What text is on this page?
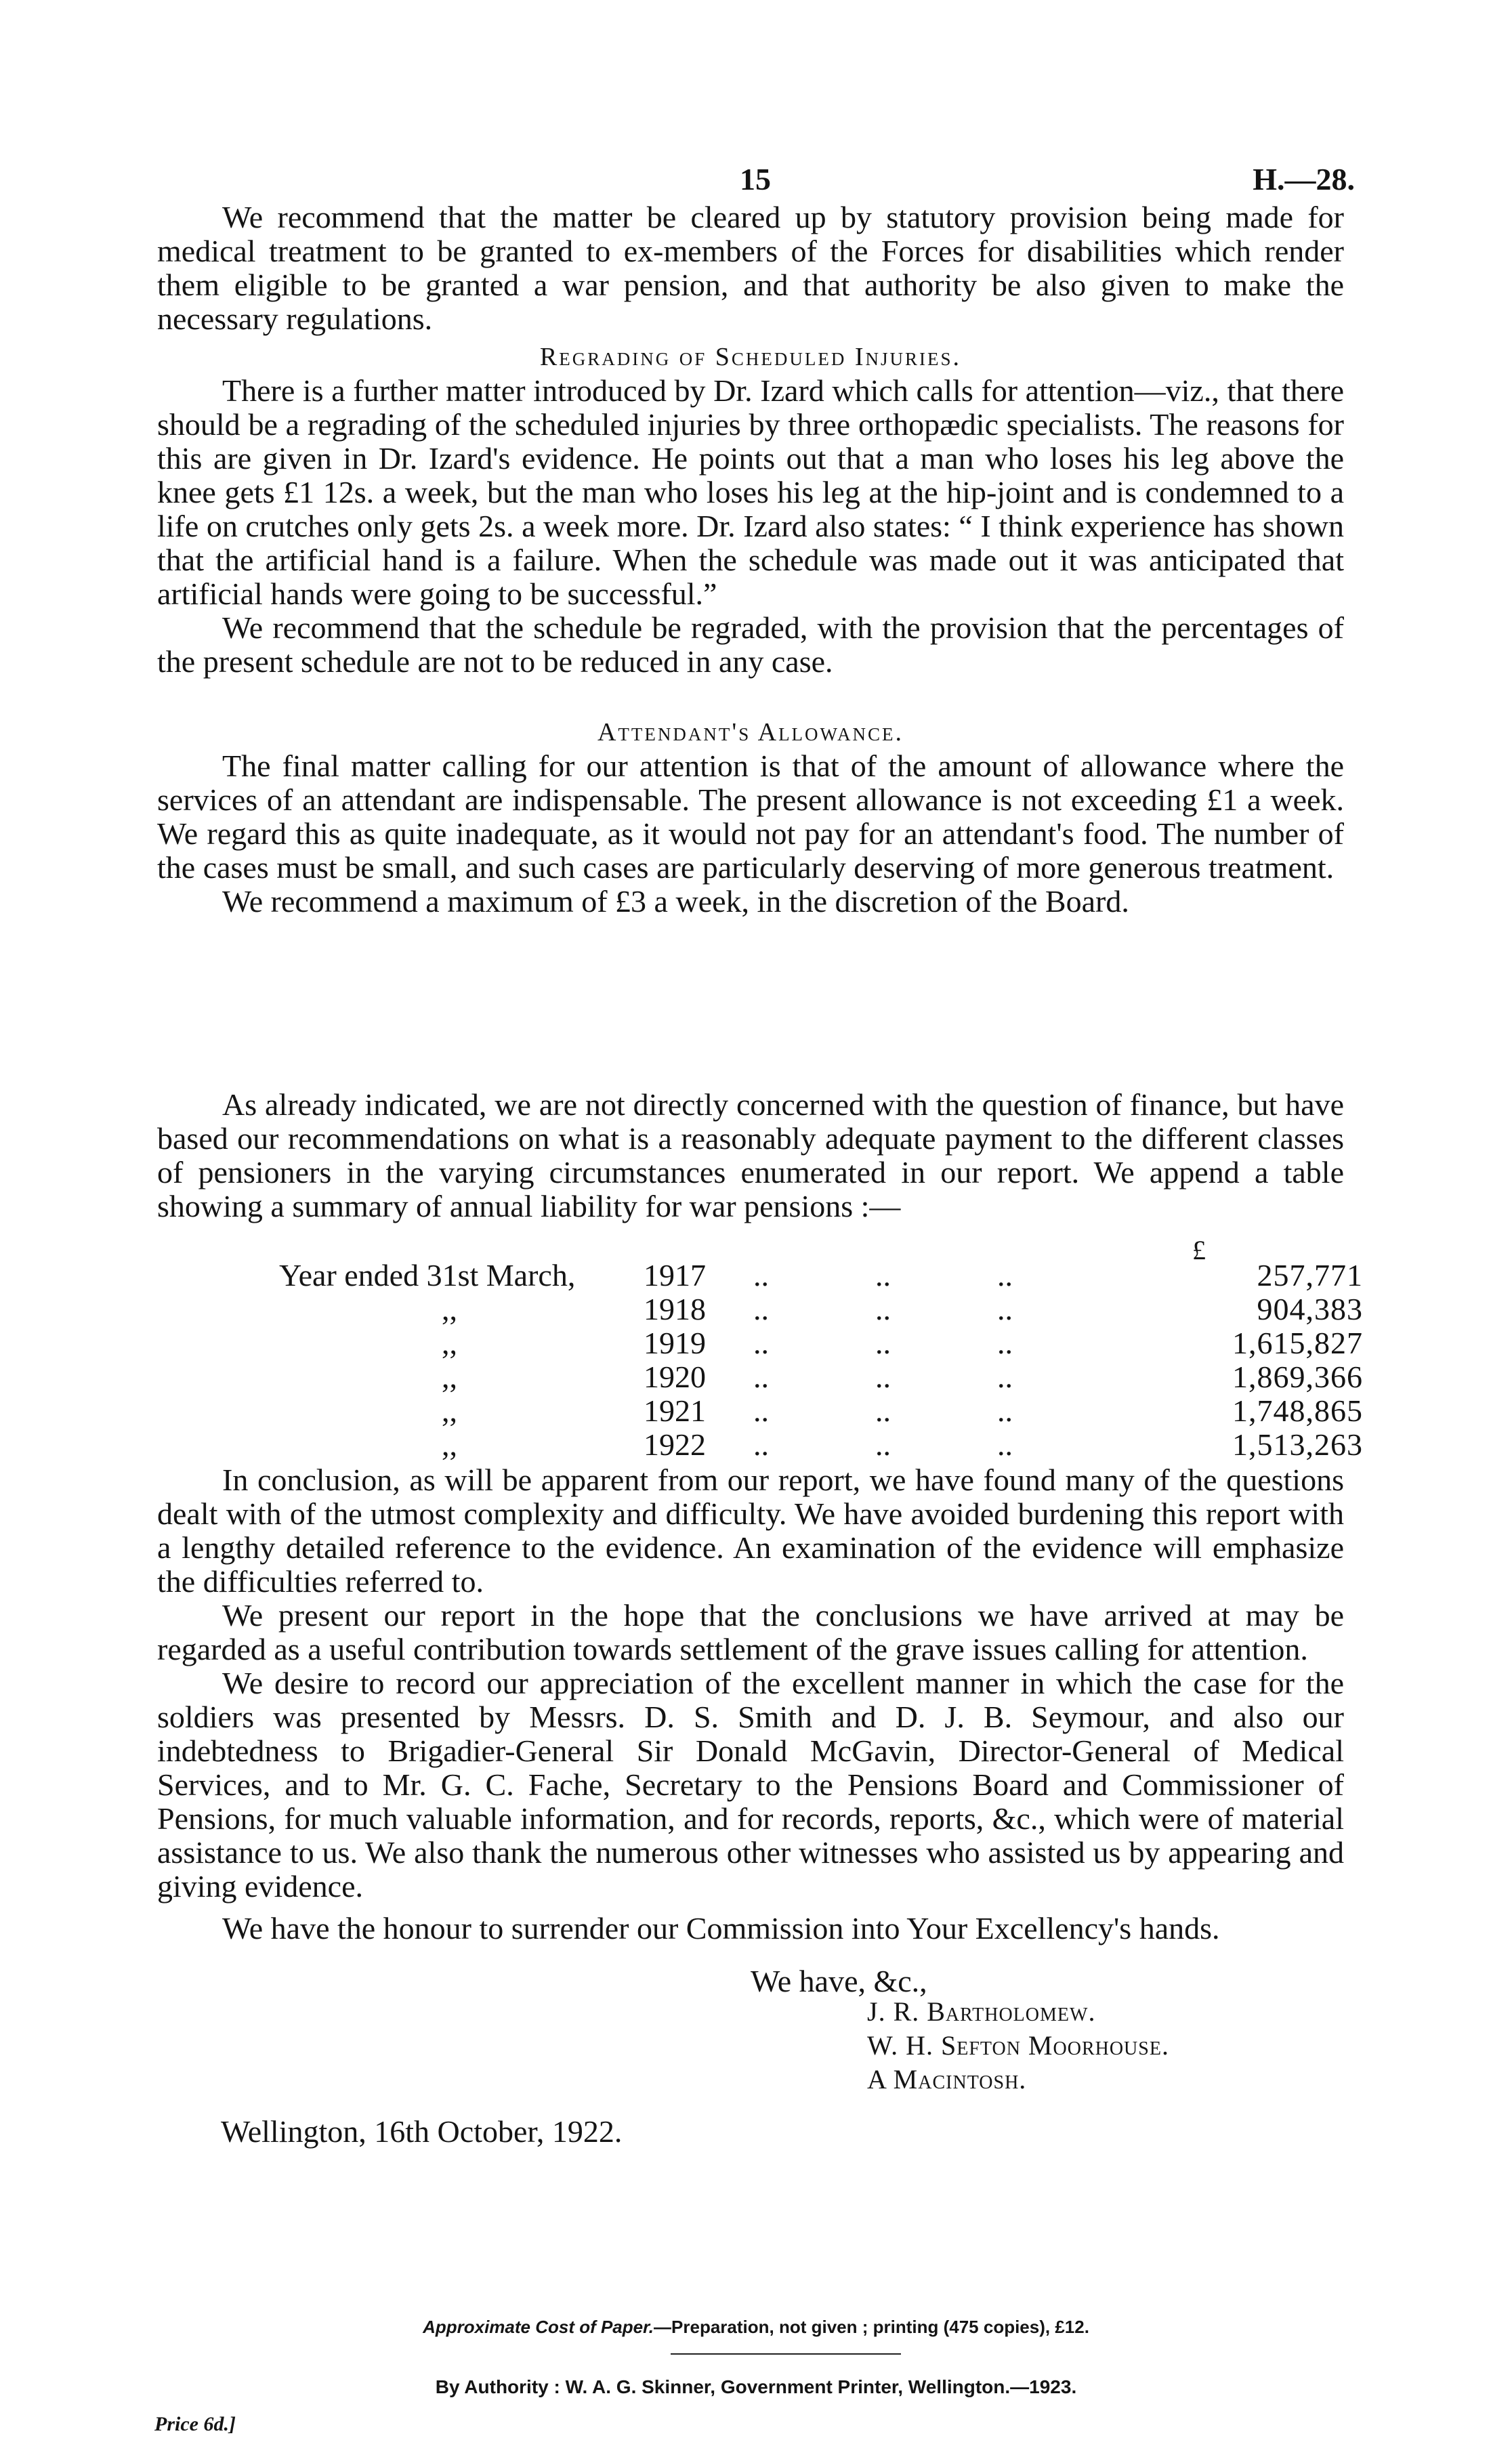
15	H.—28.

We recommend that the matter be cleared up by statutory provision being made for medical treatment to be granted to ex-members of the Forces for disabilities which render them eligible to be granted a war pension, and that authority be also given to make the necessary regulations.

Regrading of Scheduled Injuries.

There is a further matter introduced by Dr. Izard which calls for attention—viz., that there should be a regrading of the scheduled injuries by three orthopædic specialists. The reasons for this are given in Dr. Izard's evidence. He points out that a man who loses his leg above the knee gets £1 12s. a week, but the man who loses his leg at the hip-joint and is condemned to a life on crutches only gets 2s. a week more. Dr. Izard also states: “ I think experience has shown that the artificial hand is a failure. When the schedule was made out it was anticipated that artificial hands were going to be successful.”

We recommend that the schedule be regraded, with the provision that the percentages of the present schedule are not to be reduced in any case.

Attendant's Allowance.

The final matter calling for our attention is that of the amount of allowance where the services of an attendant are indispensable. The present allowance is not exceeding £1 a week. We regard this as quite inadequate, as it would not pay for an attendant's food. The number of the cases must be small, and such cases are particularly deserving of more generous treatment.

We recommend a maximum of £3 a week, in the discretion of the Board.

As already indicated, we are not directly concerned with the question of finance, but have based our recommendations on what is a reasonably adequate payment to the different classes of pensioners in the varying circumstances enumerated in our report. We append a table showing a summary of annual liability for war pensions :—

£
Year ended 31st March,	1917 ..	..	..	257,771
,,	1918 ..	..	..	904,383
,,	1919 ..	..	..	1,615,827
,,	1920 ..	..	..	1,869,366
,,	1921 ..	..	..	1,748,865
,,	1922 ..	..	..	1,513,263

In conclusion, as will be apparent from our report, we have found many of the questions dealt with of the utmost complexity and difficulty. We have avoided burdening this report with a lengthy detailed reference to the evidence. An examination of the evidence will emphasize the difficulties referred to.

We present our report in the hope that the conclusions we have arrived at may be regarded as a useful contribution towards settlement of the grave issues calling for attention.

We desire to record our appreciation of the excellent manner in which the case for the soldiers was presented by Messrs. D. S. Smith and D. J. B. Seymour, and also our indebtedness to Brigadier-General Sir Donald McGavin, Director-General of Medical Services, and to Mr. G. C. Fache, Secretary to the Pensions Board and Commissioner of Pensions, for much valuable information, and for records, reports, &c., which were of material assistance to us. We also thank the numerous other witnesses who assisted us by appearing and giving evidence.

We have the honour to surrender our Commission into Your Excellency's hands.

We have, &c.,
J. R. Bartholomew.
W. H. Sefton Moorhouse.
A Macintosh.
Wellington, 16th October, 1922.
Approximate Cost of Paper.—Preparation, not given ; printing (475 copies), £12.
By Authority : W. A. G. Skinner, Government Printer, Wellington.—1923.
Price 6d.]
